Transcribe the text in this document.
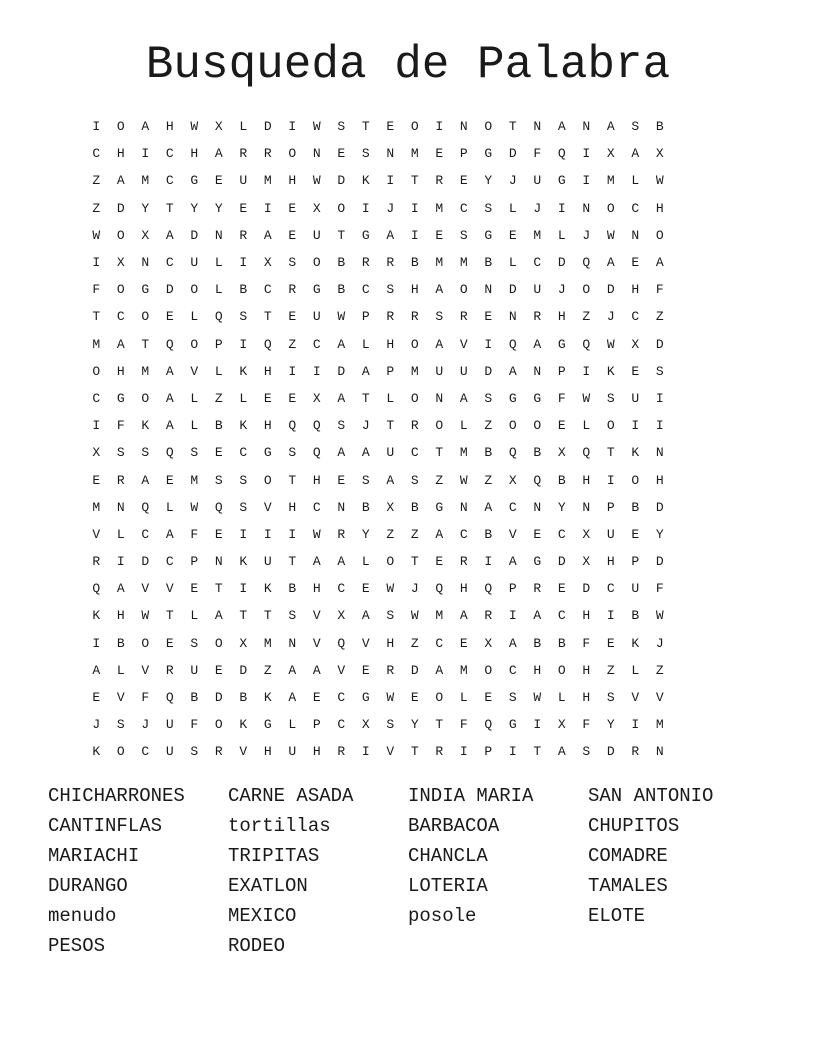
Busqueda de Palabra
I	O	A	H	W	X	L	D	I	W	S	T	E	O	I	N	O	T	N	A	N	A	S	B
C	H	I	C	H	A	R	R	O	N	E	S	N	M	E	P	G	D	F	Q	I	X	A	X
Z	A	M	C	G	E	U	M	H	W	D	K	I	T	R	E	Y	J	U	G	I	M	L	W
Z	D	Y	T	Y	Y	E	I	E	X	O	I	J	I	M	C	S	L	J	I	N	O	C	H
W	O	X	A	D	N	R	A	E	U	T	G	A	I	E	S	G	E	M	L	J	W	N	O
I	X	N	C	U	L	I	X	S	O	B	R	R	B	M	M	B	L	C	D	Q	A	E	A
F	O	G	D	O	L	B	C	R	G	B	C	S	H	A	O	N	D	U	J	O	D	H	F
T	C	O	E	L	Q	S	T	E	U	W	P	R	R	S	R	E	N	R	H	Z	J	C	Z
M	A	T	Q	O	P	I	Q	Z	C	A	L	H	O	A	V	I	Q	A	G	Q	W	X	D
O	H	M	A	V	L	K	H	I	I	D	A	P	M	U	U	D	A	N	P	I	K	E	S
C	G	O	A	L	Z	L	E	E	X	A	T	L	O	N	A	S	G	G	F	W	S	U	I
I	F	K	A	L	B	K	H	Q	Q	S	J	T	R	O	L	Z	O	O	E	L	O	I	I
X	S	S	Q	S	E	C	G	S	Q	A	A	U	C	T	M	B	Q	B	X	Q	T	K	N
E	R	A	E	M	S	S	O	T	H	E	S	A	S	Z	W	Z	X	Q	B	H	I	O	H
M	N	Q	L	W	Q	S	V	H	C	N	B	X	B	G	N	A	C	N	Y	N	P	B	D
V	L	C	A	F	E	I	I	I	W	R	Y	Z	Z	A	C	B	V	E	C	X	U	E	Y
R	I	D	C	P	N	K	U	T	A	A	L	O	T	E	R	I	A	G	D	X	H	P	D
Q	A	V	V	E	T	I	K	B	H	C	E	W	J	Q	H	Q	P	R	E	D	C	U	F
K	H	W	T	L	A	T	T	S	V	X	A	S	W	M	A	R	I	A	C	H	I	B	W
I	B	O	E	S	O	X	M	N	V	Q	V	H	Z	C	E	X	A	B	B	F	E	K	J
A	L	V	R	U	E	D	Z	A	A	V	E	R	D	A	M	O	C	H	O	H	Z	L	Z
E	V	F	Q	B	D	B	K	A	E	C	G	W	E	O	L	E	S	W	L	H	S	V	V
J	S	J	U	F	O	K	G	L	P	C	X	S	Y	T	F	Q	G	I	X	F	Y	I	M
K	O	C	U	S	R	V	H	U	H	R	I	V	T	R	I	P	I	T	A	S	D	R	N
CHICHARRONES	CARNE ASADA	INDIA MARIA	SAN ANTONIO
CANTINFLAS	tortillas	BARBACOA	CHUPITOS
MARIACHI	TRIPITAS	CHANCLA	COMADRE
DURANGO	EXATLON	LOTERIA	TAMALES
menudo	MEXICO	posole	ELOTE
PESOS	RODEO
